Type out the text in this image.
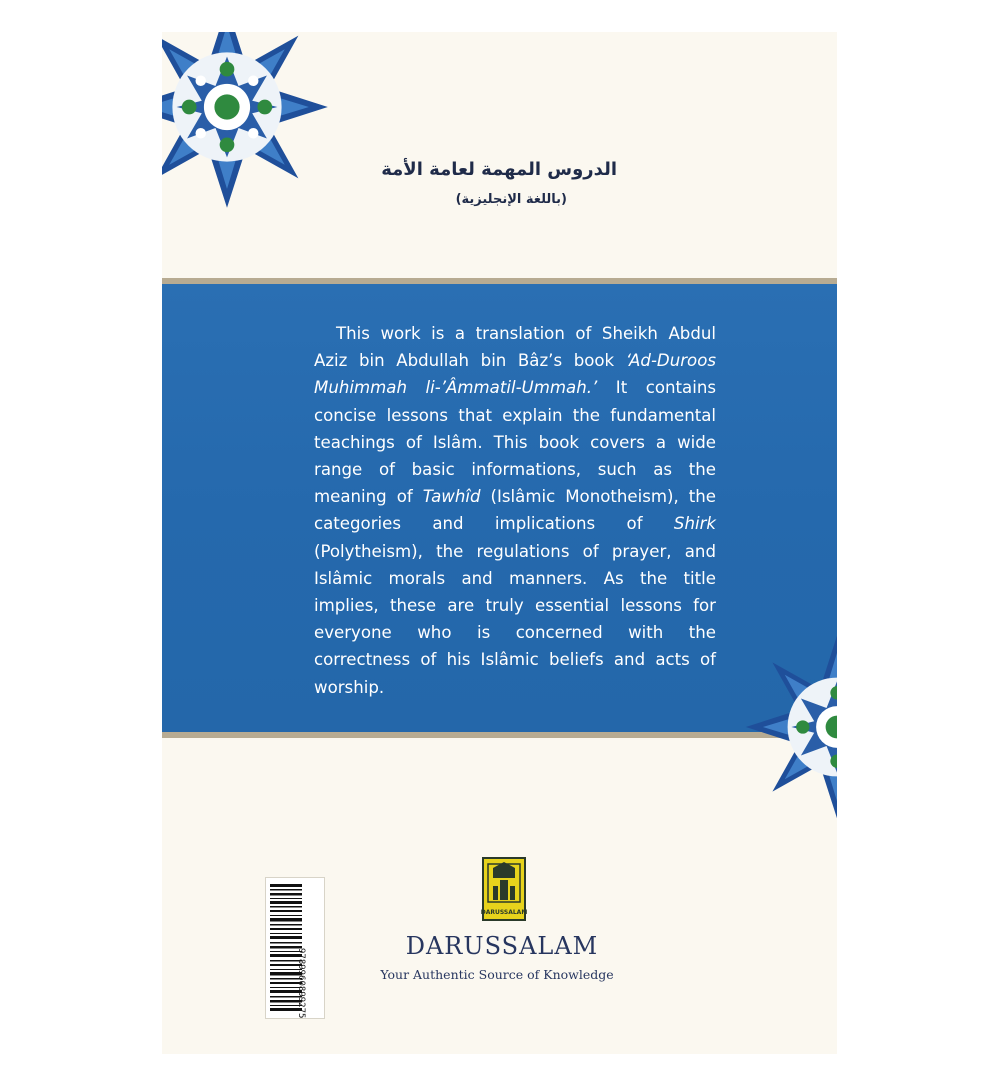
الدروس المهمة لعامة الأمة
(باللغة الإنجليزية)

This work is a translation of Sheikh Abdul Aziz bin Abdullah bin Bâz’s book ‘Ad-Duroos Muhimmah li-’Âmmatil-Ummah.’ It contains concise lessons that explain the fundamental teachings of Islâm. This book covers a wide range of basic informations, such as the meaning of Tawhîd (Islâmic Monotheism), the categories and implications of Shirk (Polytheism), the regulations of prayer, and Islâmic morals and manners. As the title implies, these are truly essential lessons for everyone who is concerned with the correctness of his Islâmic beliefs and acts of worship.

9789960899275
DARUSSALAM
DARUSSALAM
Your Authentic Source of Knowledge
